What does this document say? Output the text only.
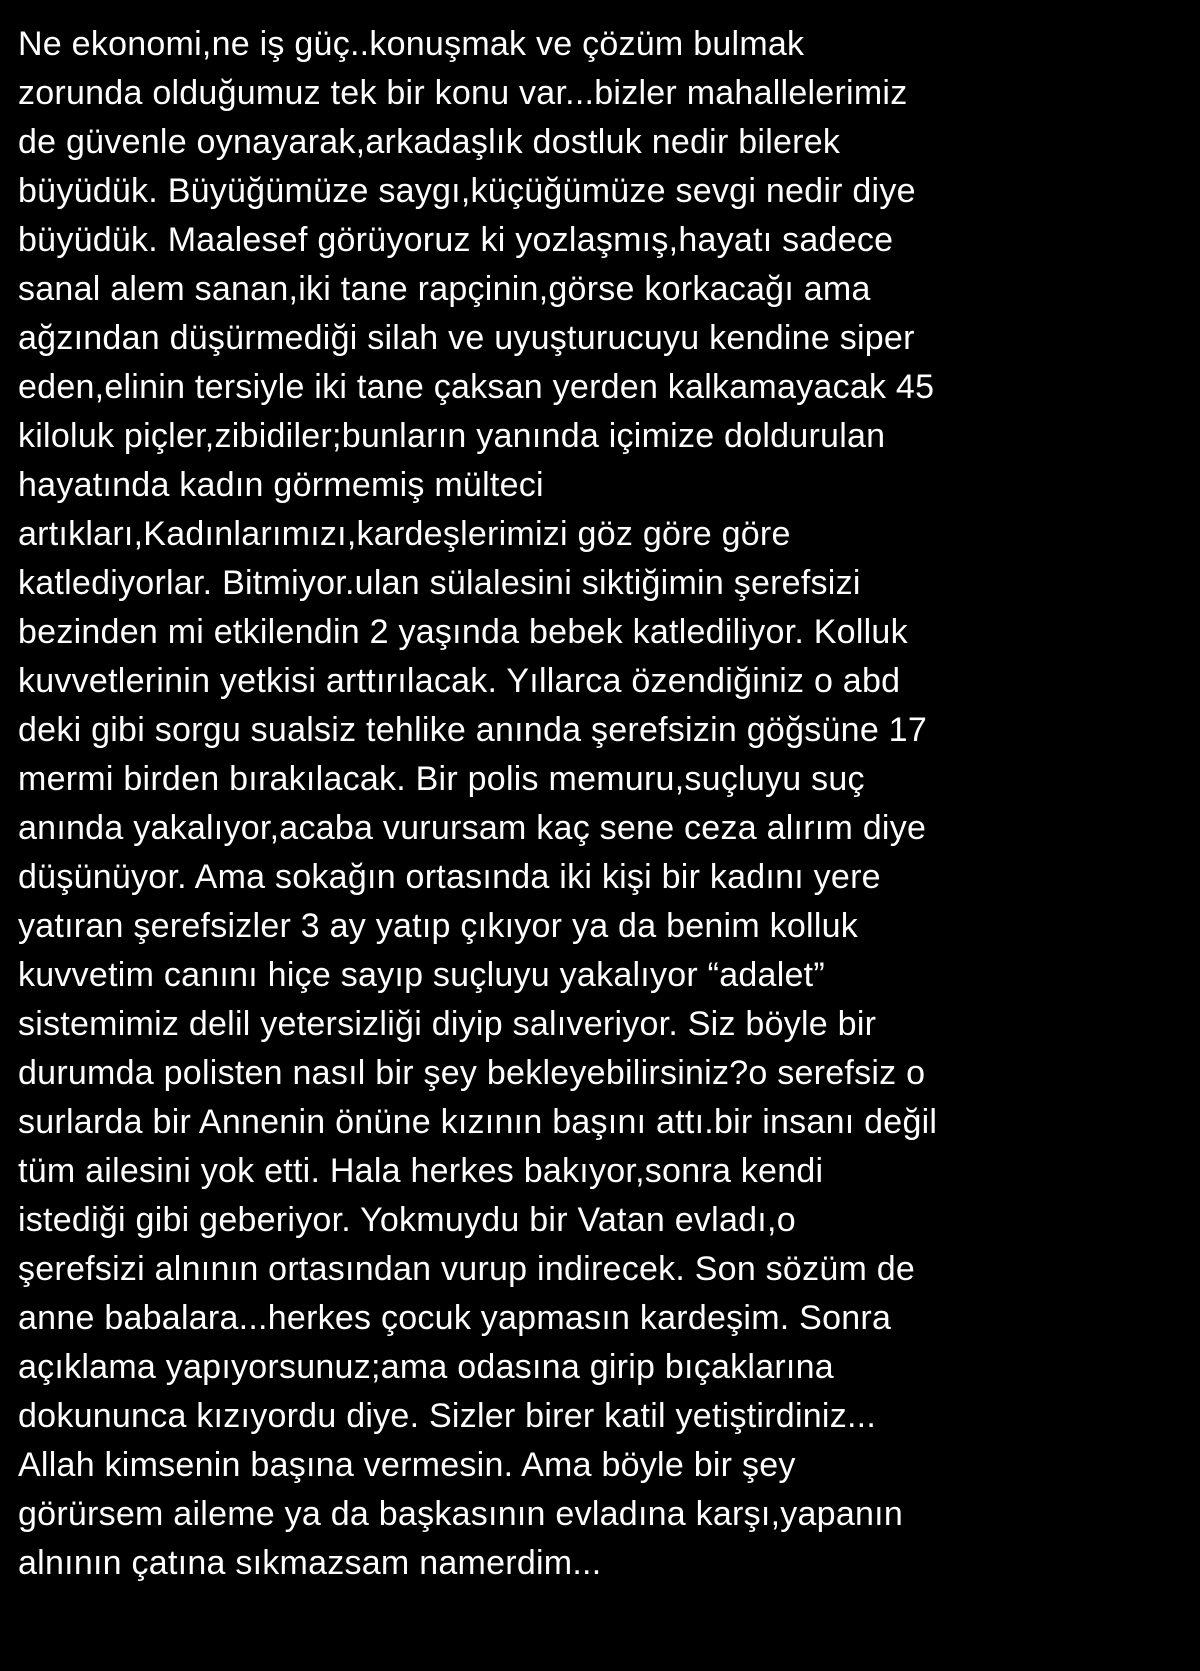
Ne ekonomi,ne iş güç..konuşmak ve çözüm bulmak
zorunda olduğumuz tek bir konu var...bizler mahallelerimiz
de güvenle oynayarak,arkadaşlık dostluk nedir bilerek
büyüdük. Büyüğümüze saygı,küçüğümüze sevgi nedir diye
büyüdük. Maalesef görüyoruz ki yozlaşmış,hayatı sadece
sanal alem sanan,iki tane rapçinin,görse korkacağı ama
ağzından düşürmediği silah ve uyuşturucuyu kendine siper
eden,elinin tersiyle iki tane çaksan yerden kalkamayacak 45
kiloluk piçler,zibidiler;bunların yanında içimize doldurulan
hayatında kadın görmemiş mülteci
artıkları,Kadınlarımızı,kardeşlerimizi göz göre göre
katlediyorlar. Bitmiyor.ulan sülalesini siktiğimin şerefsizi
bezinden mi etkilendin 2 yaşında bebek katlediliyor. Kolluk
kuvvetlerinin yetkisi arttırılacak. Yıllarca özendiğiniz o abd
deki gibi sorgu sualsiz tehlike anında şerefsizin göğsüne 17
mermi birden bırakılacak. Bir polis memuru,suçluyu suç
anında yakalıyor,acaba vurursam kaç sene ceza alırım diye
düşünüyor. Ama sokağın ortasında iki kişi bir kadını yere
yatıran şerefsizler 3 ay yatıp çıkıyor ya da benim kolluk
kuvvetim canını hiçe sayıp suçluyu yakalıyor “adalet”
sistemimiz delil yetersizliği diyip salıveriyor. Siz böyle bir
durumda polisten nasıl bir şey bekleyebilirsiniz?o serefsiz o
surlarda bir Annenin önüne kızının başını attı.bir insanı değil
tüm ailesini yok etti. Hala herkes bakıyor,sonra kendi
istediği gibi geberiyor. Yokmuydu bir Vatan evladı,o
şerefsizi alnının ortasından vurup indirecek. Son sözüm de
anne babalara...herkes çocuk yapmasın kardeşim. Sonra
açıklama yapıyorsunuz;ama odasına girip bıçaklarına
dokununca kızıyordu diye. Sizler birer katil yetiştirdiniz...
Allah kimsenin başına vermesin. Ama böyle bir şey
görürsem aileme ya da başkasının evladına karşı,yapanın
alnının çatına sıkmazsam namerdim...
